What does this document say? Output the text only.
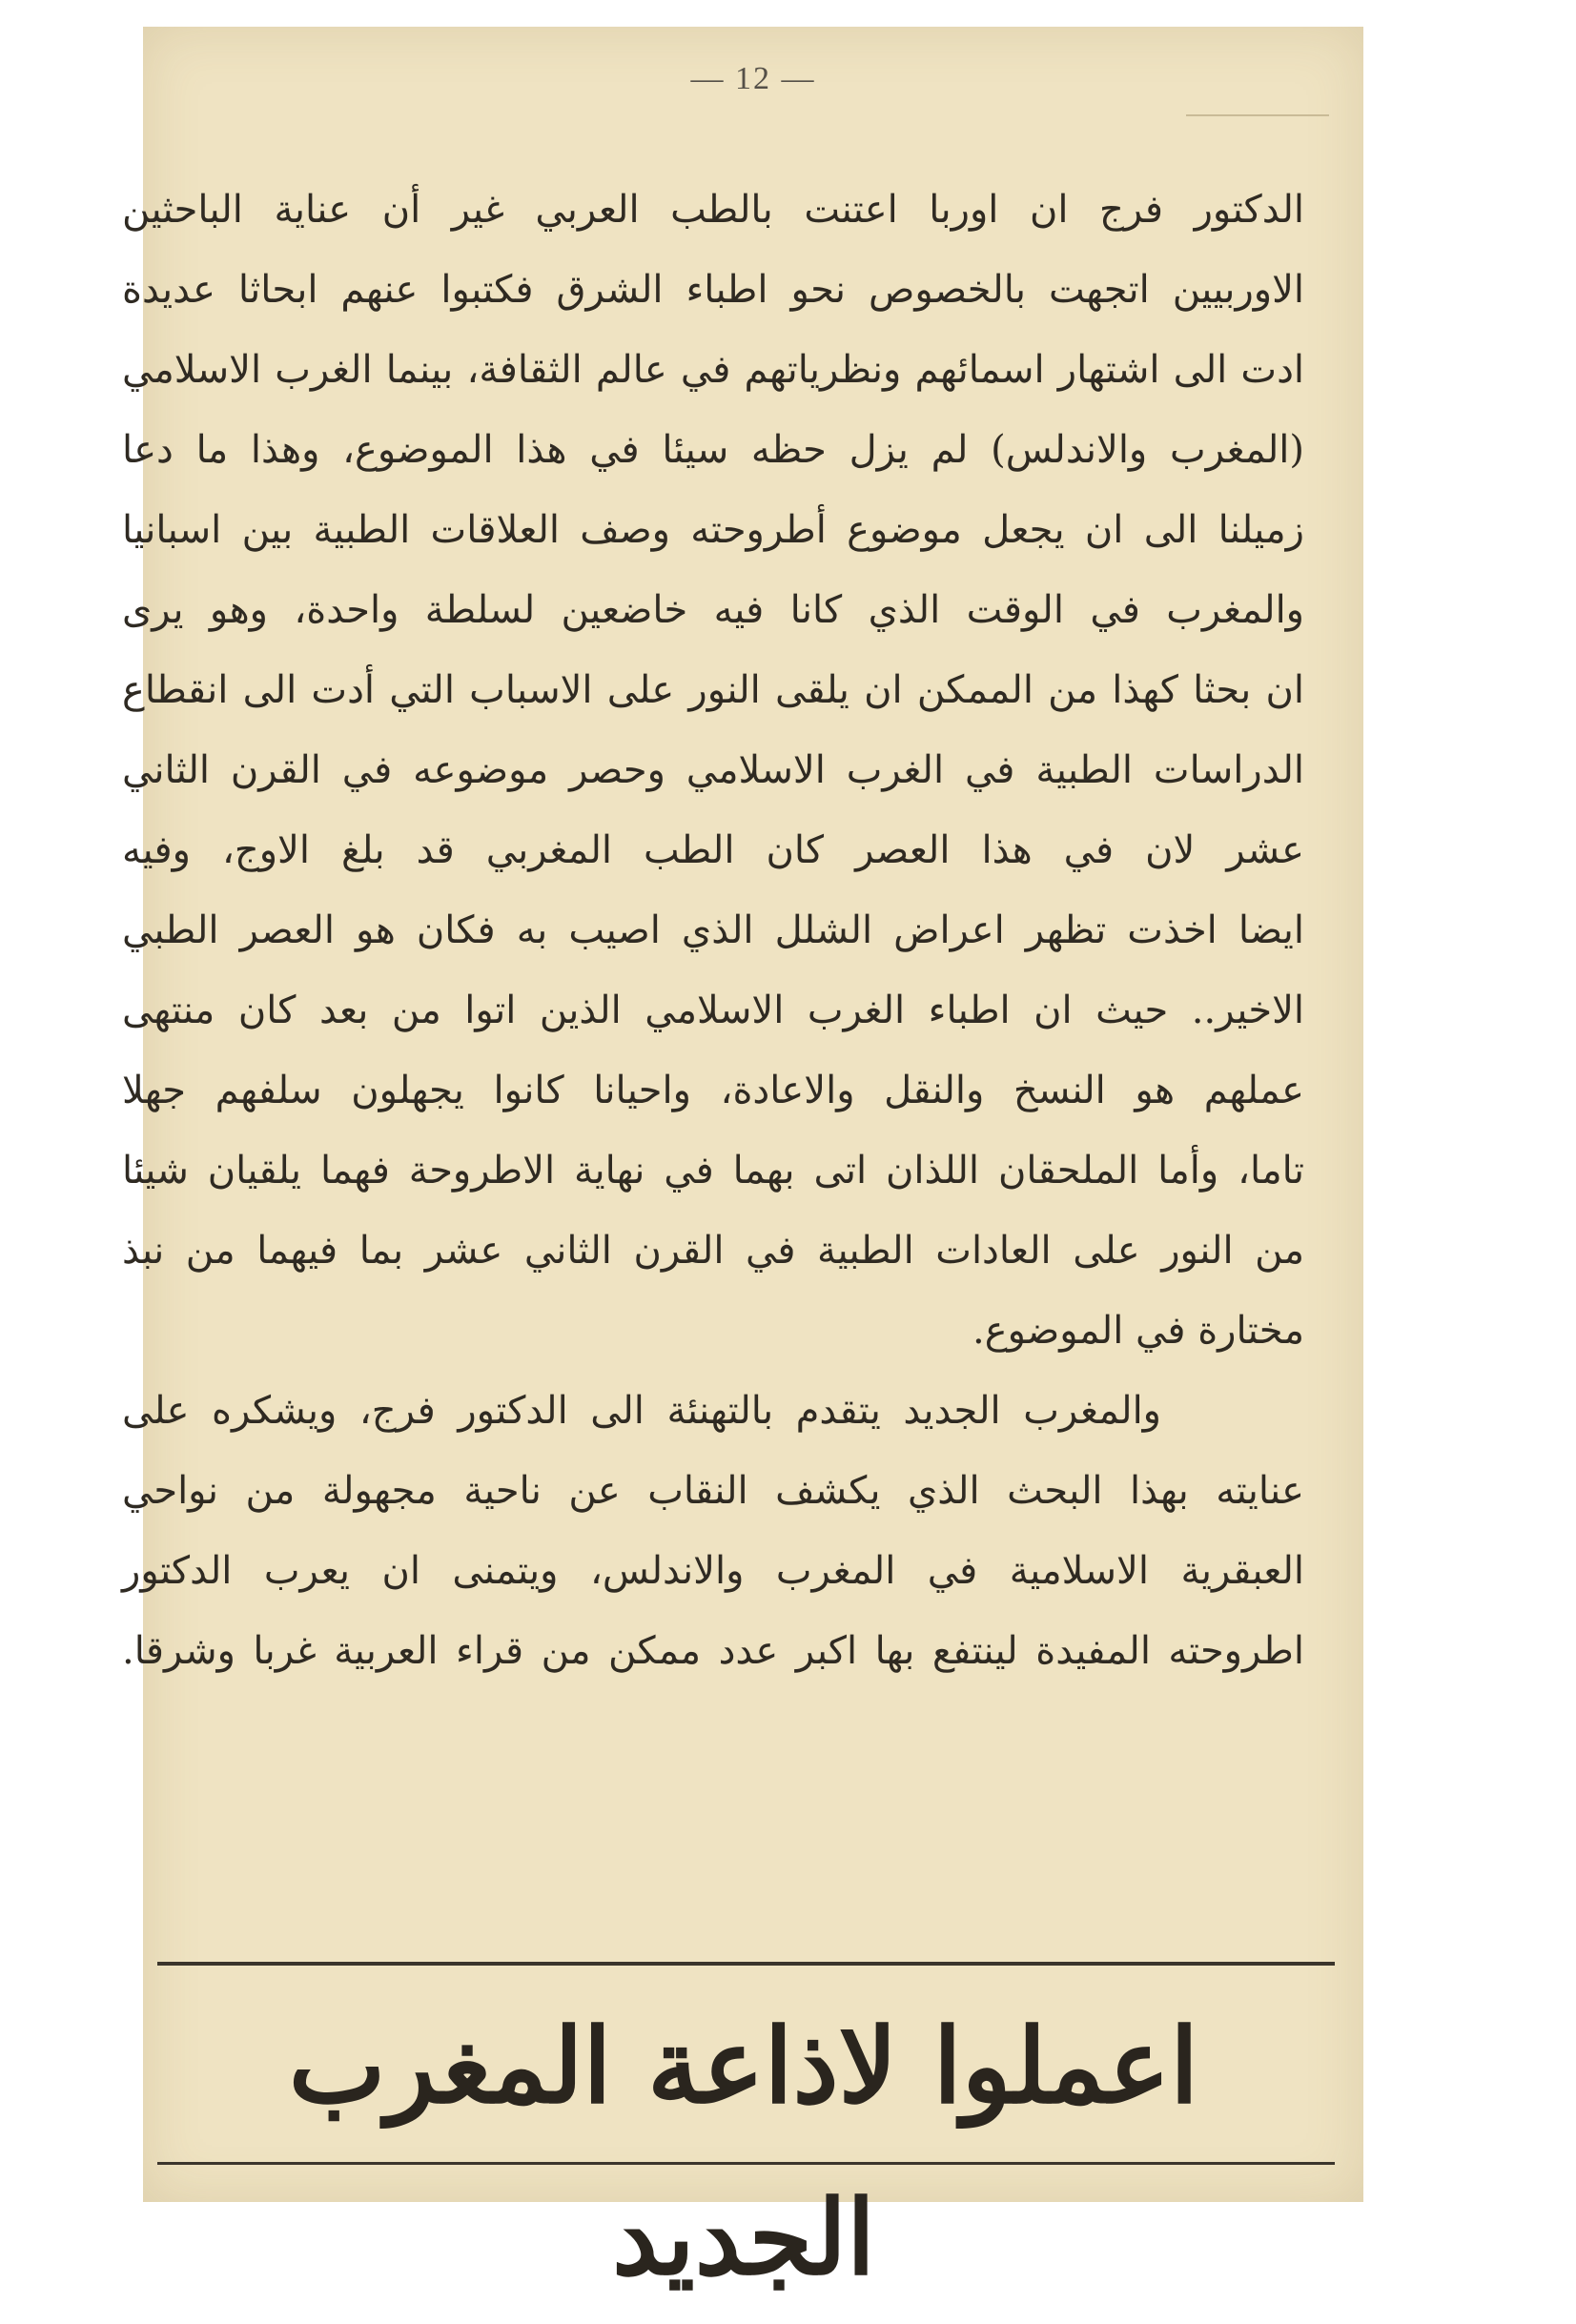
— 12 —
الدكتور فرج ان اوربا اعتنت بالطب العربي غير أن عناية الباحثين
الاوربيين اتجهت بالخصوص نحو اطباء الشرق فكتبوا عنهم ابحاثا عديدة
ادت الى اشتهار اسمائهم ونظرياتهم في عالم الثقافة، بينما الغرب الاسلامي
(المغرب والاندلس) لم يزل حظه سيئا في هذا الموضوع، وهذا ما دعا
زميلنا الى ان يجعل موضوع أطروحته وصف العلاقات الطبية بين اسبانيا
والمغرب في الوقت الذي كانا فيه خاضعين لسلطة واحدة، وهو يرى
ان بحثا كهذا من الممكن ان يلقى النور على الاسباب التي أدت الى انقطاع
الدراسات الطبية في الغرب الاسلامي وحصر موضوعه في القرن الثاني
عشر لان في هذا العصر كان الطب المغربي قد بلغ الاوج، وفيه
ايضا اخذت تظهر اعراض الشلل الذي اصيب به فكان هو العصر الطبي
الاخير.. حيث ان اطباء الغرب الاسلامي الذين اتوا من بعد كان منتهى
عملهم هو النسخ والنقل والاعادة، واحيانا كانوا يجهلون سلفهم جهلا
تاما، وأما الملحقان اللذان اتى بهما في نهاية الاطروحة فهما يلقيان شيئا
من النور على العادات الطبية في القرن الثاني عشر بما فيهما من نبذ
مختارة في الموضوع.
والمغرب الجديد يتقدم بالتهنئة الى الدكتور فرج، ويشكره على
عنايته بهذا البحث الذي يكشف النقاب عن ناحية مجهولة من نواحي
العبقرية الاسلامية في المغرب والاندلس، ويتمنى ان يعرب الدكتور
اطروحته المفيدة لينتفع بها اكبر عدد ممكن من قراء العربية غربا وشرقا.
اعملوا لاذاعة المغرب الجديد
